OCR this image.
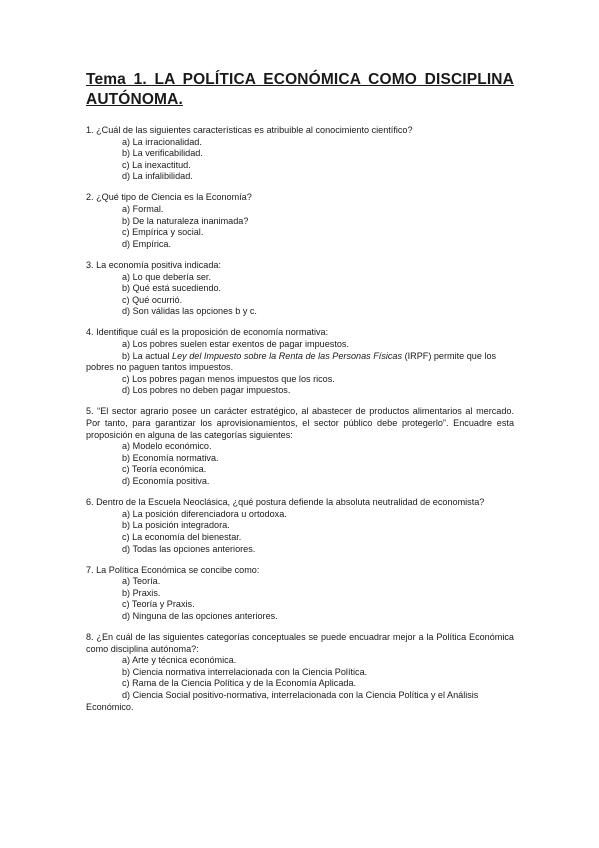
Tema 1. LA POLÍTICA ECONÓMICA COMO DISCIPLINA AUTÓNOMA.

1. ¿Cuál de las siguientes características es atribuible al conocimiento científico?

a) La irracionalidad.
b) La verificabilidad.
c) La inexactitud.
d) La infalibilidad.

2. ¿Qué tipo de Ciencia es la Economía?

a) Formal.
b) De la naturaleza inanimada?
c) Empírica y social.
d) Empírica.

3. La economía positiva indicada:

a) Lo que debería ser.
b) Qué está sucediendo.
c) Qué ocurrió.
d) Son válidas las opciones b y c.

4. Identifique cuál es la proposición de economía normativa:

a) Los pobres suelen estar exentos de pagar impuestos.
b) La actual Ley del Impuesto sobre la Renta de las Personas Físicas (IRPF) permite que los
pobres no paguen tantos impuestos.
c) Los pobres pagan menos impuestos que los ricos.
d) Los pobres no deben pagar impuestos.

5. “El sector agrario posee un carácter estratégico, al abastecer de productos alimentarios al mercado. Por tanto, para garantizar los aprovisionamientos, el sector público debe protegerlo”. Encuadre esta proposición en alguna de las categorías siguientes:

a) Modelo económico.
b) Economía normativa.
c) Teoría económica.
d) Economía positiva.

6. Dentro de la Escuela Neoclásica, ¿qué postura defiende la absoluta neutralidad de economista?

a) La posición diferenciadora u ortodoxa.
b) La posición integradora.
c) La economía del bienestar.
d) Todas las opciones anteriores.

7. La Política Económica se concibe como:

a) Teoría.
b) Praxis.
c) Teoría y Praxis.
d) Ninguna de las opciones anteriores.

8. ¿En cuál de las siguientes categorías conceptuales se puede encuadrar mejor a la Política Económica como disciplina autónoma?:

a) Arte y técnica económica.
b) Ciencia normativa interrelacionada con la Ciencia Política.
c) Rama de la Ciencia Política y de la Economía Aplicada.
d) Ciencia Social positivo-normativa, interrelacionada con la Ciencia Política y el Análisis
Económico.
